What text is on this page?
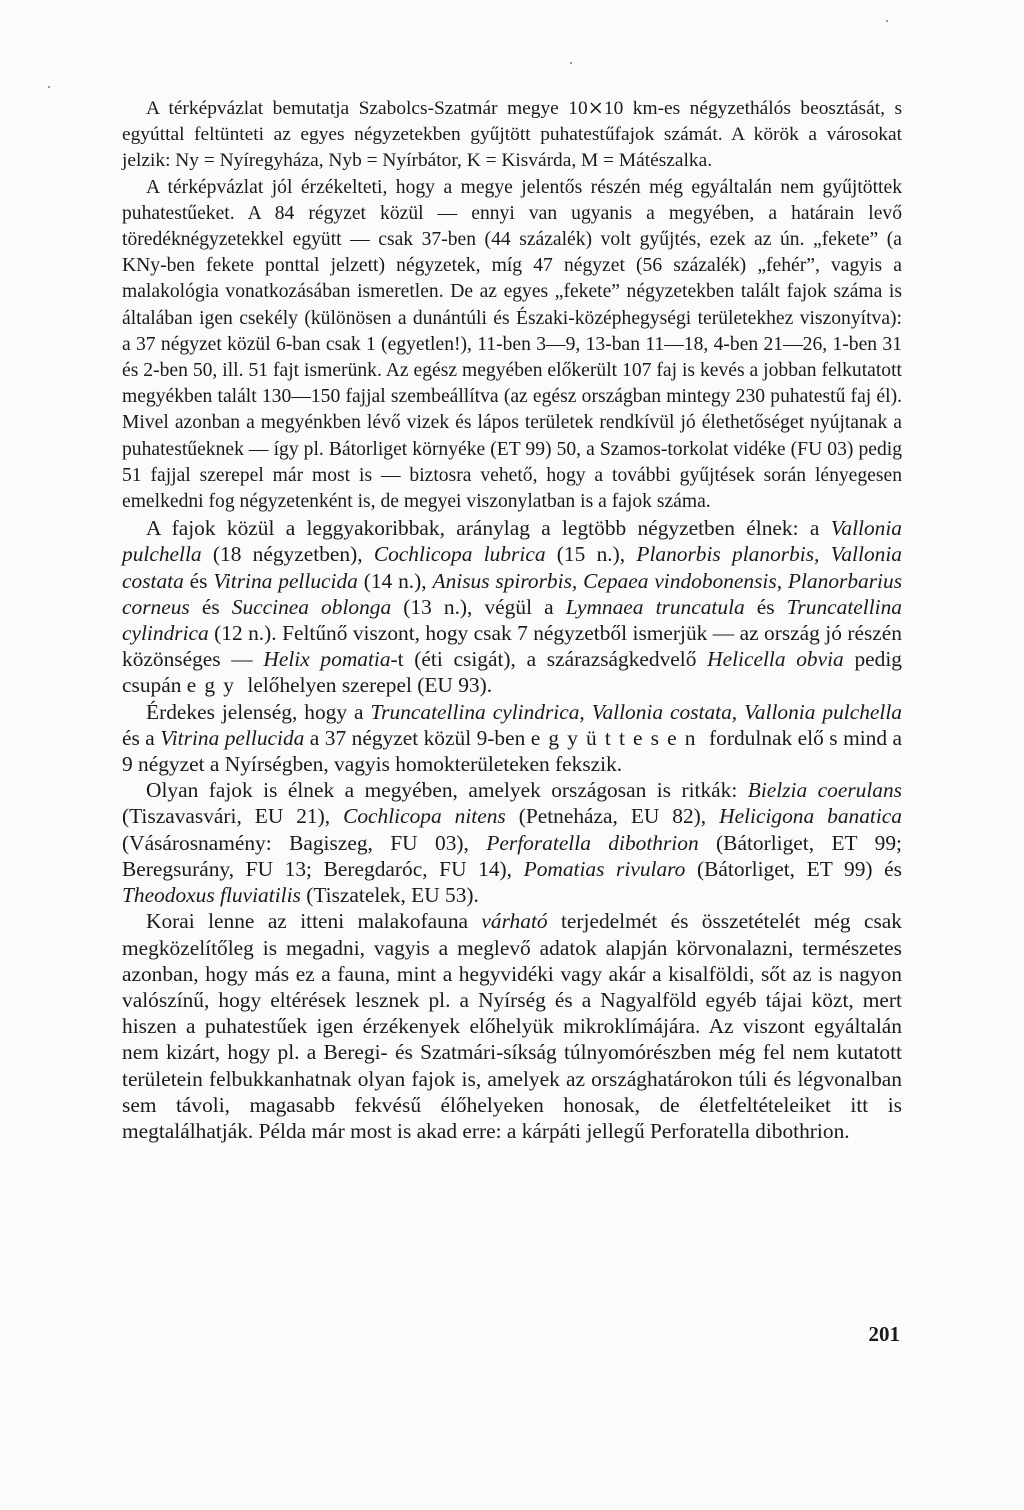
A térképvázlat bemutatja Szabolcs-Szatmár megye 10⨯10 km-es négyzethálós beosztását, s egyúttal feltünteti az egyes négyzetekben gyűjtött puhatestűfajok számát. A körök a városokat jelzik: Ny = Nyíregyháza, Nyb = Nyírbátor, K = Kisvárda, M = Mátészalka.

A térképvázlat jól érzékelteti, hogy a megye jelentős részén még egyáltalán nem gyűjtöttek puhatestűeket. A 84 régyzet közül — ennyi van ugyanis a megyében, a határain levő töredéknégyzetekkel együtt — csak 37-ben (44 százalék) volt gyűjtés, ezek az ún. „fekete” (a KNy-ben fekete ponttal jelzett) négyzetek, míg 47 négyzet (56 százalék) „fehér”, vagyis a malakológia vonatkozásában ismeretlen. De az egyes „fekete” négyzetekben talált fajok száma is általában igen csekély (különösen a dunántúli és Északi-középhegységi területekhez viszonyítva): a 37 négyzet közül 6-ban csak 1 (egyetlen!), 11-ben 3—9, 13-ban 11—18, 4-ben 21—26, 1-ben 31 és 2-ben 50, ill. 51 fajt ismerünk. Az egész megyében előkerült 107 faj is kevés a jobban felkutatott megyékben talált 130—150 fajjal szembeállítva (az egész országban mintegy 230 puhatestű faj él). Mivel azonban a megyénkben lévő vizek és lápos területek rendkívül jó élethetőséget nyújtanak a puhatestűeknek — így pl. Bátorliget környéke (ET 99) 50, a Szamos-torkolat vidéke (FU 03) pedig 51 fajjal szerepel már most is — biztosra vehető, hogy a további gyűjtések során lényegesen emelkedni fog négyzetenként is, de megyei viszonylatban is a fajok száma.

A fajok közül a leggyakoribbak, aránylag a legtöbb négyzetben élnek: a Vallonia pulchella (18 négyzetben), Cochlicopa lubrica (15 n.), Planorbis planorbis, Vallonia costata és Vitrina pellucida (14 n.), Anisus spirorbis, Cepaea vindobonensis, Planorbarius corneus és Succinea oblonga (13 n.), végül a Lymnaea truncatula és Truncatellina cylindrica (12 n.). Feltűnő viszont, hogy csak 7 négyzetből ismerjük — az ország jó részén közönséges — Helix pomatia-t (éti csigát), a szárazságkedvelő Helicella obvia pedig csupán egy lelőhelyen szerepel (EU 93).

Érdekes jelenség, hogy a Truncatellina cylindrica, Vallonia costata, Vallonia pulchella és a Vitrina pellucida a 37 négyzet közül 9-ben együttesen fordulnak elő s mind a 9 négyzet a Nyírségben, vagyis homokterületeken fekszik.

Olyan fajok is élnek a megyében, amelyek országosan is ritkák: Bielzia coerulans (Tiszavasvári, EU 21), Cochlicopa nitens (Petneháza, EU 82), Helicigona banatica (Vásárosnamény: Bagiszeg, FU 03), Perforatella dibothrion (Bátorliget, ET 99; Beregsurány, FU 13; Beregdaróc, FU 14), Pomatias rivularo (Bátorliget, ET 99) és Theodoxus fluviatilis (Tiszatelek, EU 53).

Korai lenne az itteni malakofauna várható terjedelmét és összetételét még csak megközelítőleg is megadni, vagyis a meglevő adatok alapján körvonalazni, természetes azonban, hogy más ez a fauna, mint a hegyvidéki vagy akár a kisalföldi, sőt az is nagyon valószínű, hogy eltérések lesznek pl. a Nyírség és a Nagyalföld egyéb tájai közt, mert hiszen a puhatestűek igen érzékenyek előhelyük mikroklímájára. Az viszont egyáltalán nem kizárt, hogy pl. a Beregi- és Szatmári-síkság túlnyomórészben még fel nem kutatott területein felbukkanhatnak olyan fajok is, amelyek az országhatárokon túli és légvonalban sem távoli, magasabb fekvésű élőhelyeken honosak, de életfeltételeiket itt is megtalálhatják. Példa már most is akad erre: a kárpáti jellegű Perforatella dibothrion.

201
